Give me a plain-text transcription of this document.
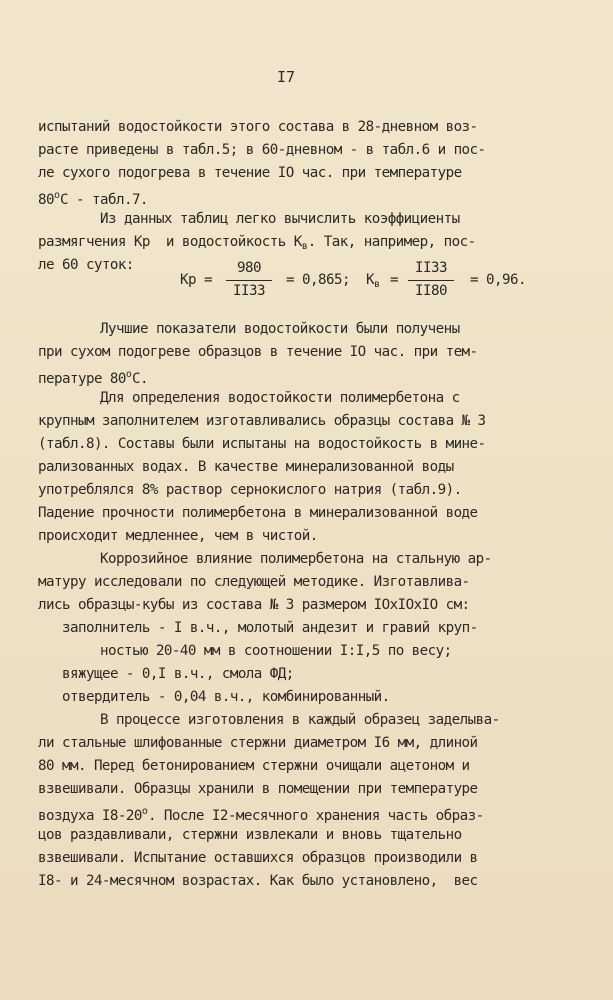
I7
испытаний водостойкости этого состава в 28-дневном воз-
расте приведены в табл.5; в 60-дневном - в табл.6 и пос-
ле сухого подогрева в течение IO час. при температуре
$80^оС$ - табл.7.
Из данных таблиц легко вычислить коэффициенты
размягчения Кр  и водостойкость $К_в$. Так, например, пос-
ле 60 суток:
Кр =
980
II33
= 0,865; $К_в$ =
II33
II80
= 0,96.
Лучшие показатели водостойкости были получены
при сухом подогреве образцов в течение IO час. при тем-
пературе $80^оС$.
Для определения водостойкости полимербетона с
крупным заполнителем изготавливались образцы состава № 3
(табл.8). Составы были испытаны на водостойкость в мине-
рализованных водах. В качестве минерализованной воды
употреблялся 8% раствор сернокислого натрия (табл.9).
Падение прочности полимербетона в минерализованной воде
происходит медленнее, чем в чистой.
Коррозийное влияние полимербетона на стальную ар-
матуру исследовали по следующей методике. Изготавлива-
лись образцы-кубы из состава № 3 размером IOxIOxIO см:
заполнитель - I в.ч., молотый андезит и гравий круп-
ностью 20-40 мм в соотношении I:I,5 по весу;
вяжущее - 0,I в.ч., смола ФД;
отвердитель - 0,04 в.ч., комбинированный.
В процессе изготовления в каждый образец заделыва-
ли стальные шлифованные стержни диаметром I6 мм, длиной
80 мм. Перед бетонированием стержни очищали ацетоном и
взвешивали. Образцы хранили в помещении при температуре
воздуха $I8-20^о$. После I2-месячного хранения часть образ-
цов раздавливали, стержни извлекали и вновь тщательно
взвешивали. Испытание оставшихся образцов производили в
I8- и 24-месячном возрастах. Как было установлено,  вес
